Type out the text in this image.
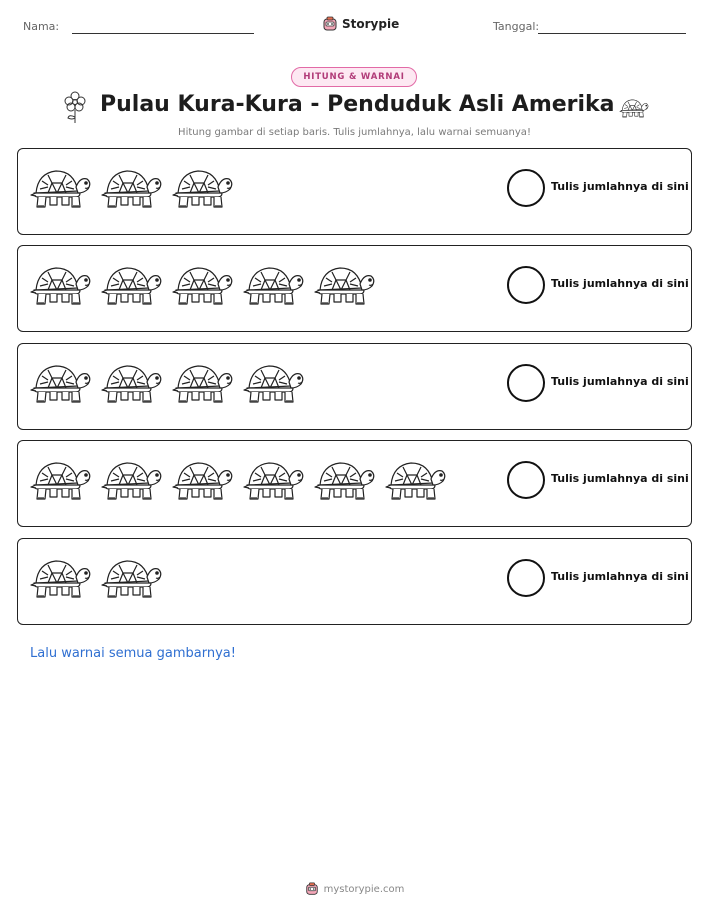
Nama:	Storypie	Tanggal:
HITUNG & WARNAI
Pulau Kura-Kura - Penduduk Asli Amerika
Hitung gambar di setiap baris. Tulis jumlahnya, lalu warnai semuanya!
Tulis jumlahnya di sini
Tulis jumlahnya di sini
Tulis jumlahnya di sini
Tulis jumlahnya di sini
Tulis jumlahnya di sini
Lalu warnai semua gambarnya!
mystorypie.com
